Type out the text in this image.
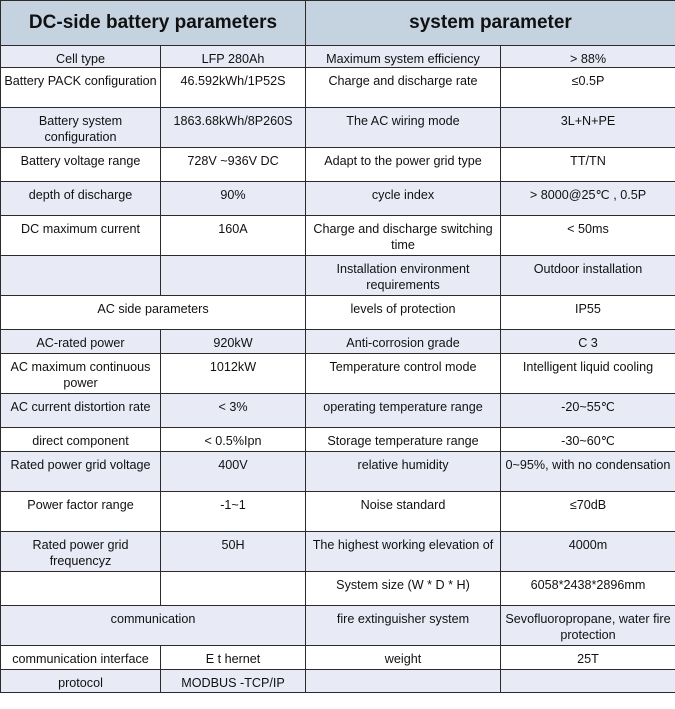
DC-side battery parameters		system parameter	
Cell type	LFP 280Ah	Maximum system efficiency	> 88%
Battery PACK configuration	46.592kWh/1P52S	Charge and discharge rate	≤0.5P
Battery system configuration	1863.68kWh/8P260S	The AC wiring mode	3L+N+PE
Battery voltage range	728V ~936V DC	Adapt to the power grid type	TT/TN
depth of discharge	90%	cycle index	> 8000@25℃ , 0.5P
DC maximum current	160A	Charge and discharge switching time	< 50ms
		Installation environment requirements	Outdoor installation
AC side parameters		levels of protection	IP55
AC-rated power	920kW	Anti-corrosion grade	C 3
AC maximum continuous power	1012kW	Temperature control mode	Intelligent liquid cooling
AC current distortion rate	< 3%	operating temperature range	-20~55℃
direct component	< 0.5%Ipn	Storage temperature range	-30~60℃
Rated power grid voltage	400V	relative humidity	0~95%, with no condensation
Power factor range	-1~1	Noise standard	≤70dB
Rated power grid frequencyz	50H	The highest working elevation of	4000m
		System size (W * D * H)	6058*2438*2896mm
communication		fire extinguisher system	Sevofluoropropane, water fire protection
communication interface	E t hernet	weight	25T
protocol	MODBUS -TCP/IP		
